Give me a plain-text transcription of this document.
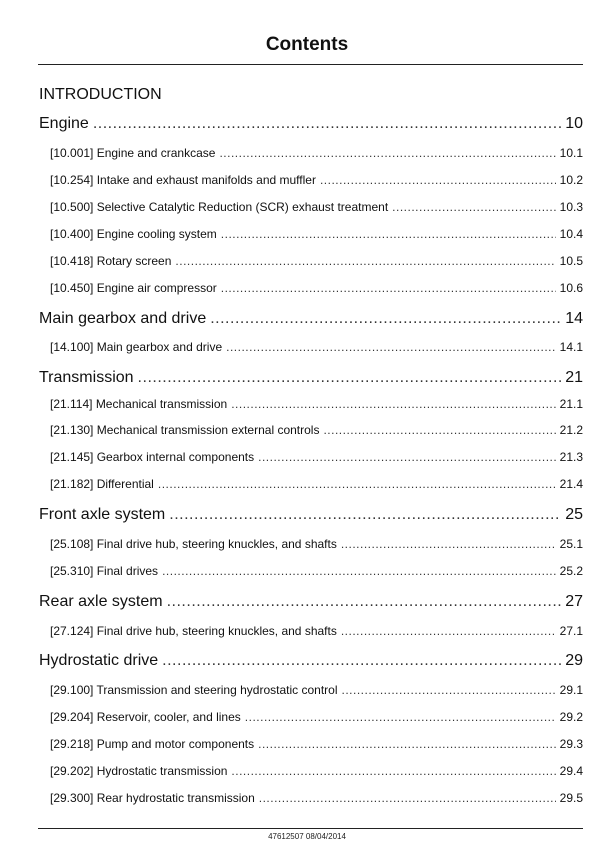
Contents
INTRODUCTION
Engine .....	10
[10.001] Engine and crankcase .....	10.1
[10.254] Intake and exhaust manifolds and muffler .....	10.2
[10.500] Selective Catalytic Reduction (SCR) exhaust treatment .....	10.3
[10.400] Engine cooling system .....	10.4
[10.418] Rotary screen .....	10.5
[10.450] Engine air compressor .....	10.6
Main gearbox and drive .....	14
[14.100] Main gearbox and drive .....	14.1
Transmission .....	21
[21.114] Mechanical transmission .....	21.1
[21.130] Mechanical transmission external controls .....	21.2
[21.145] Gearbox internal components .....	21.3
[21.182] Differential .....	21.4
Front axle system .....	25
[25.108] Final drive hub, steering knuckles, and shafts .....	25.1
[25.310] Final drives .....	25.2
Rear axle system .....	27
[27.124] Final drive hub, steering knuckles, and shafts .....	27.1
Hydrostatic drive .....	29
[29.100] Transmission and steering hydrostatic control .....	29.1
[29.204] Reservoir, cooler, and lines .....	29.2
[29.218] Pump and motor components .....	29.3
[29.202] Hydrostatic transmission .....	29.4
[29.300] Rear hydrostatic transmission .....	29.5
47612507 08/04/2014
